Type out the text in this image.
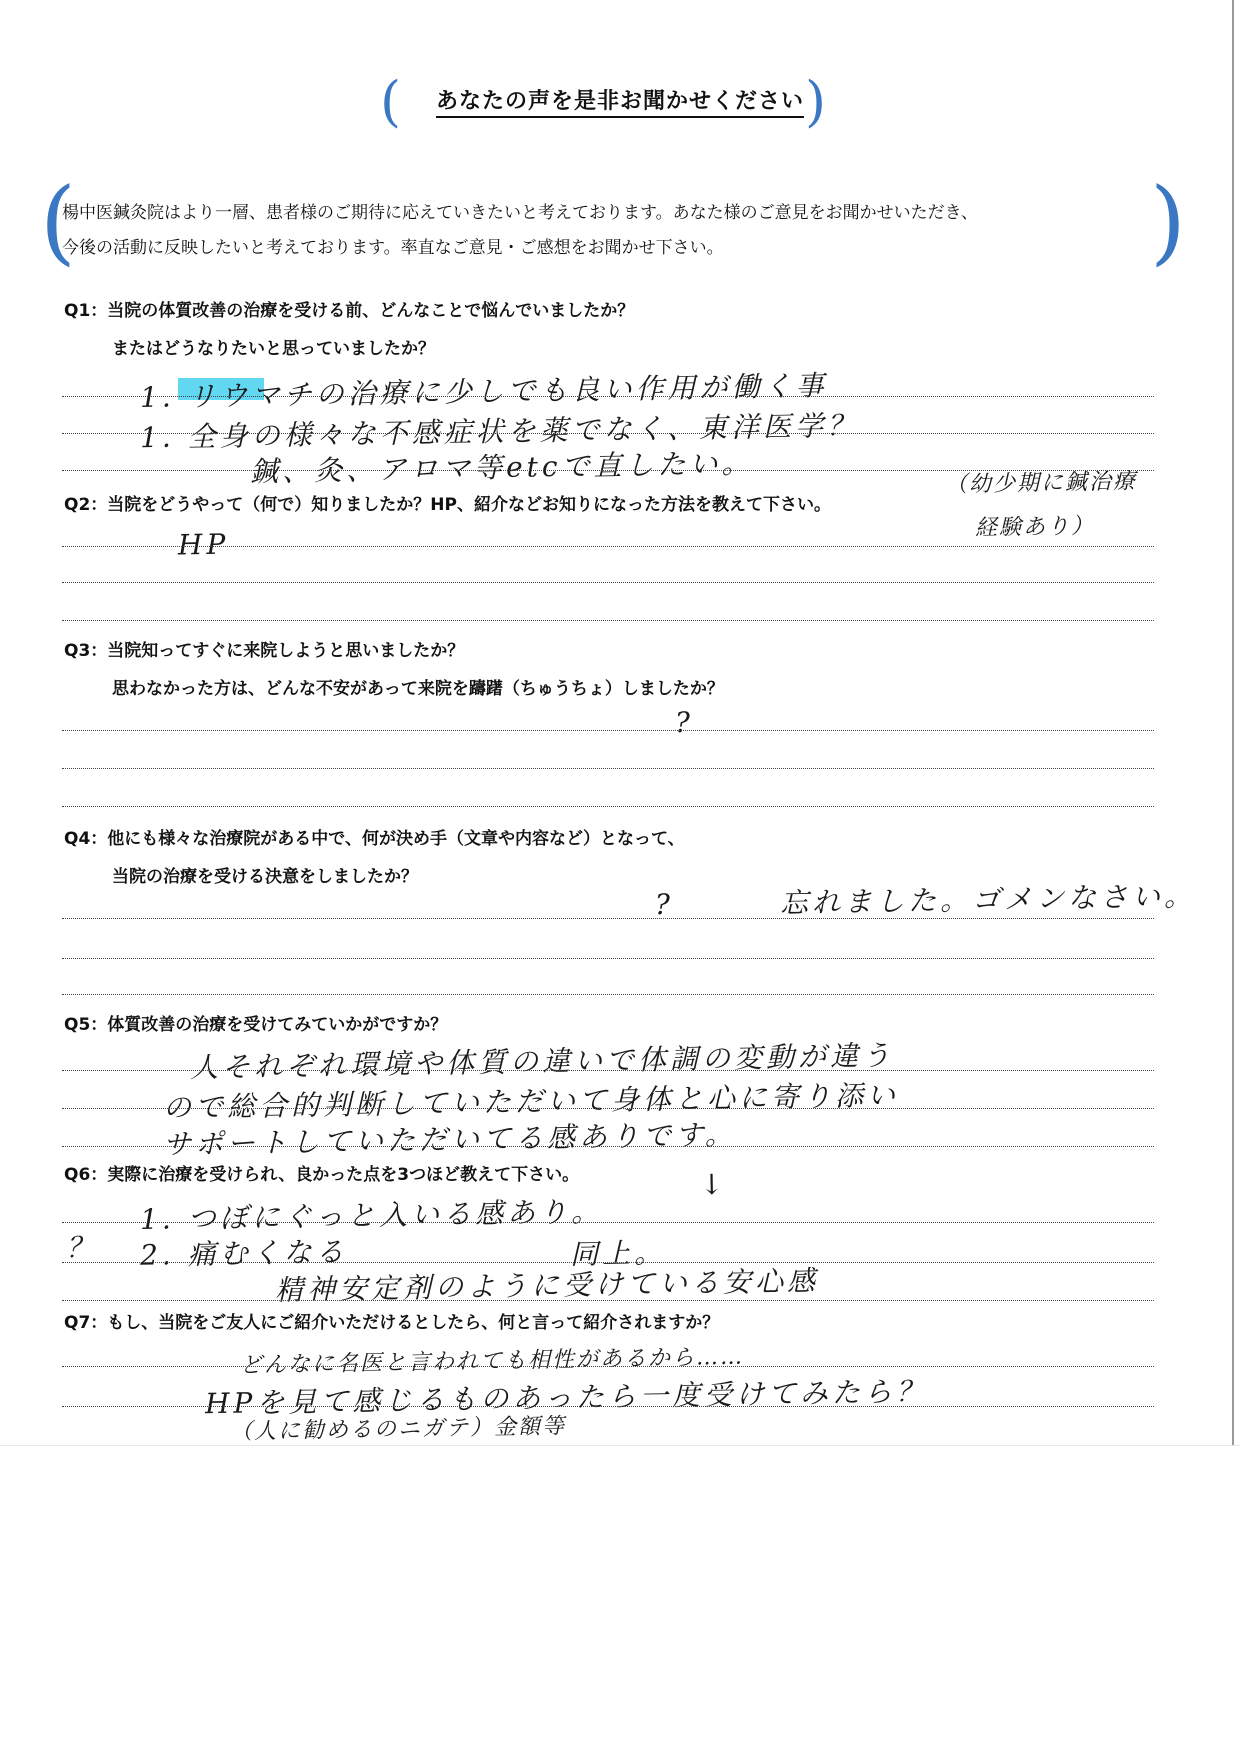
(	あなたの声を是非お聞かせください )
(
楊中医鍼灸院はより一層、患者様のご期待に応えていきたいと考えております。あなた様のご意見をお聞かせいただき、
今後の活動に反映したいと考えております。率直なご意見・ご感想をお聞かせ下さい。	)
Q1：当院の体質改善の治療を受ける前、どんなことで悩んでいましたか？
またはどうなりたいと思っていましたか？
1. リウマチの治療に少しでも良い作用が働く事
1. 全身の様々な不感症状を薬でなく、東洋医学？
鍼、灸、アロマ等etcで直したい。
Q2：当院をどうやって（何で）知りましたか？HP、紹介などお知りになった方法を教えて下さい。
（幼少期に鍼治療
経験あり）
HP
Q3：当院知ってすぐに来院しようと思いましたか？
思わなかった方は、どんな不安があって来院を躊躇（ちゅうちょ）しましたか？
?
Q4：他にも様々な治療院がある中で、何が決め手（文章や内容など）となって、
当院の治療を受ける決意をしましたか？
?	忘れました。ゴメンなさい。
Q5：体質改善の治療を受けてみていかがですか？
人それぞれ環境や体質の違いで体調の変動が違う
ので総合的判断していただいて身体と心に寄り添い
サポートしていただいてる感ありです。
Q6：実際に治療を受けられ、良かった点を3つほど教えて下さい。	↓
1. つぼにぐっと入いる感あり。
？ 2. 痛むくなる	同上。
精神安定剤のように受けている安心感
Q7：もし、当院をご友人にご紹介いただけるとしたら、何と言って紹介されますか？
どんなに名医と言われても相性があるから……
HPを見て感じるものあったら一度受けてみたら？
（人に勧めるのニガテ）金額等
